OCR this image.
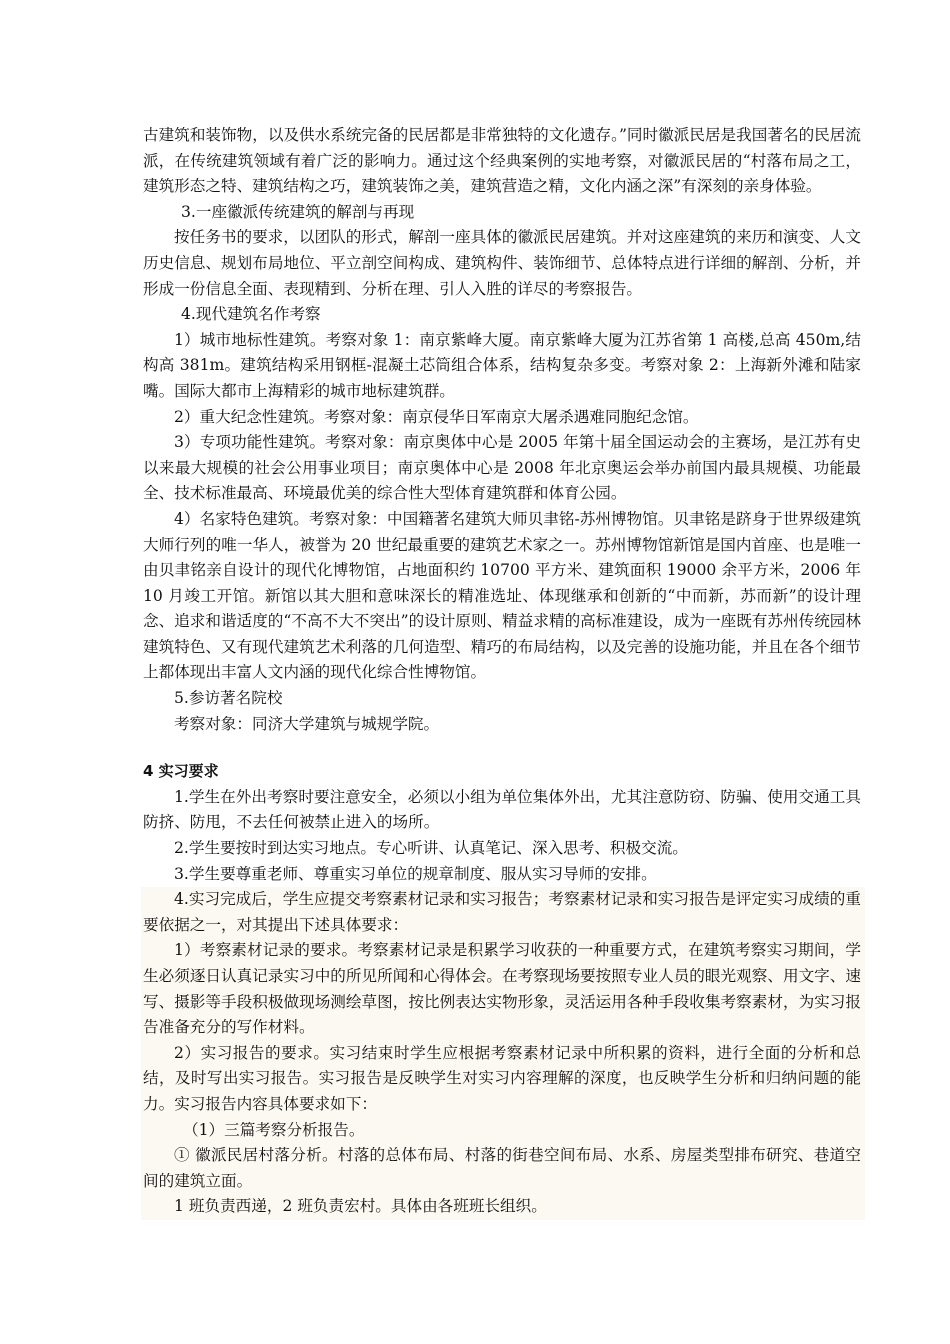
古建筑和装饰物，以及供水系统完备的民居都是非常独特的文化遗存。”同时徽派民居是我国著名的民居流派，在传统建筑领域有着广泛的影响力。通过这个经典案例的实地考察，对徽派民居的“村落布局之工，建筑形态之特、建筑结构之巧，建筑装饰之美，建筑营造之精，文化内涵之深”有深刻的亲身体验。

3.一座徽派传统建筑的解剖与再现

按任务书的要求，以团队的形式，解剖一座具体的徽派民居建筑。并对这座建筑的来历和演变、人文历史信息、规划布局地位、平立剖空间构成、建筑构件、装饰细节、总体特点进行详细的解剖、分析，并形成一份信息全面、表现精到、分析在理、引人入胜的详尽的考察报告。

4.现代建筑名作考察

1）城市地标性建筑。考察对象 1：南京紫峰大厦。南京紫峰大厦为江苏省第 1 高楼,总高 450m,结构高 381m。建筑结构采用钢框-混凝土芯筒组合体系，结构复杂多变。考察对象 2：上海新外滩和陆家嘴。国际大都市上海精彩的城市地标建筑群。

2）重大纪念性建筑。考察对象：南京侵华日军南京大屠杀遇难同胞纪念馆。

3）专项功能性建筑。考察对象：南京奥体中心是 2005 年第十届全国运动会的主赛场，是江苏有史以来最大规模的社会公用事业项目；南京奥体中心是 2008 年北京奥运会举办前国内最具规模、功能最全、技术标准最高、环境最优美的综合性大型体育建筑群和体育公园。

4）名家特色建筑。考察对象：中国籍著名建筑大师贝聿铭-苏州博物馆。贝聿铭是跻身于世界级建筑大师行列的唯一华人，被誉为 20 世纪最重要的建筑艺术家之一。苏州博物馆新馆是国内首座、也是唯一由贝聿铭亲自设计的现代化博物馆，占地面积约 10700 平方米、建筑面积 19000 余平方米，2006 年 10 月竣工开馆。新馆以其大胆和意味深长的精准选址、体现继承和创新的“中而新，苏而新”的设计理念、追求和谐适度的“不高不大不突出”的设计原则、精益求精的高标准建设，成为一座既有苏州传统园林建筑特色、又有现代建筑艺术利落的几何造型、精巧的布局结构，以及完善的设施功能，并且在各个细节上都体现出丰富人文内涵的现代化综合性博物馆。

5.参访著名院校

考察对象：同济大学建筑与城规学院。

4 实习要求

1.学生在外出考察时要注意安全，必须以小组为单位集体外出，尤其注意防窃、防骗、使用交通工具防挤、防甩，不去任何被禁止进入的场所。

2.学生要按时到达实习地点。专心听讲、认真笔记、深入思考、积极交流。

3.学生要尊重老师、尊重实习单位的规章制度、服从实习导师的安排。

4.实习完成后，学生应提交考察素材记录和实习报告；考察素材记录和实习报告是评定实习成绩的重要依据之一，对其提出下述具体要求：

1）考察素材记录的要求。考察素材记录是积累学习收获的一种重要方式，在建筑考察实习期间，学生必须逐日认真记录实习中的所见所闻和心得体会。在考察现场要按照专业人员的眼光观察、用文字、速写、摄影等手段积极做现场测绘草图，按比例表达实物形象，灵活运用各种手段收集考察素材，为实习报告准备充分的写作材料。

2）实习报告的要求。实习结束时学生应根据考察素材记录中所积累的资料，进行全面的分析和总结，及时写出实习报告。实习报告是反映学生对实习内容理解的深度，也反映学生分析和归纳问题的能力。实习报告内容具体要求如下：

（1）三篇考察分析报告。

① 徽派民居村落分析。村落的总体布局、村落的街巷空间布局、水系、房屋类型排布研究、巷道空间的建筑立面。

1 班负责西递，2 班负责宏村。具体由各班班长组织。
